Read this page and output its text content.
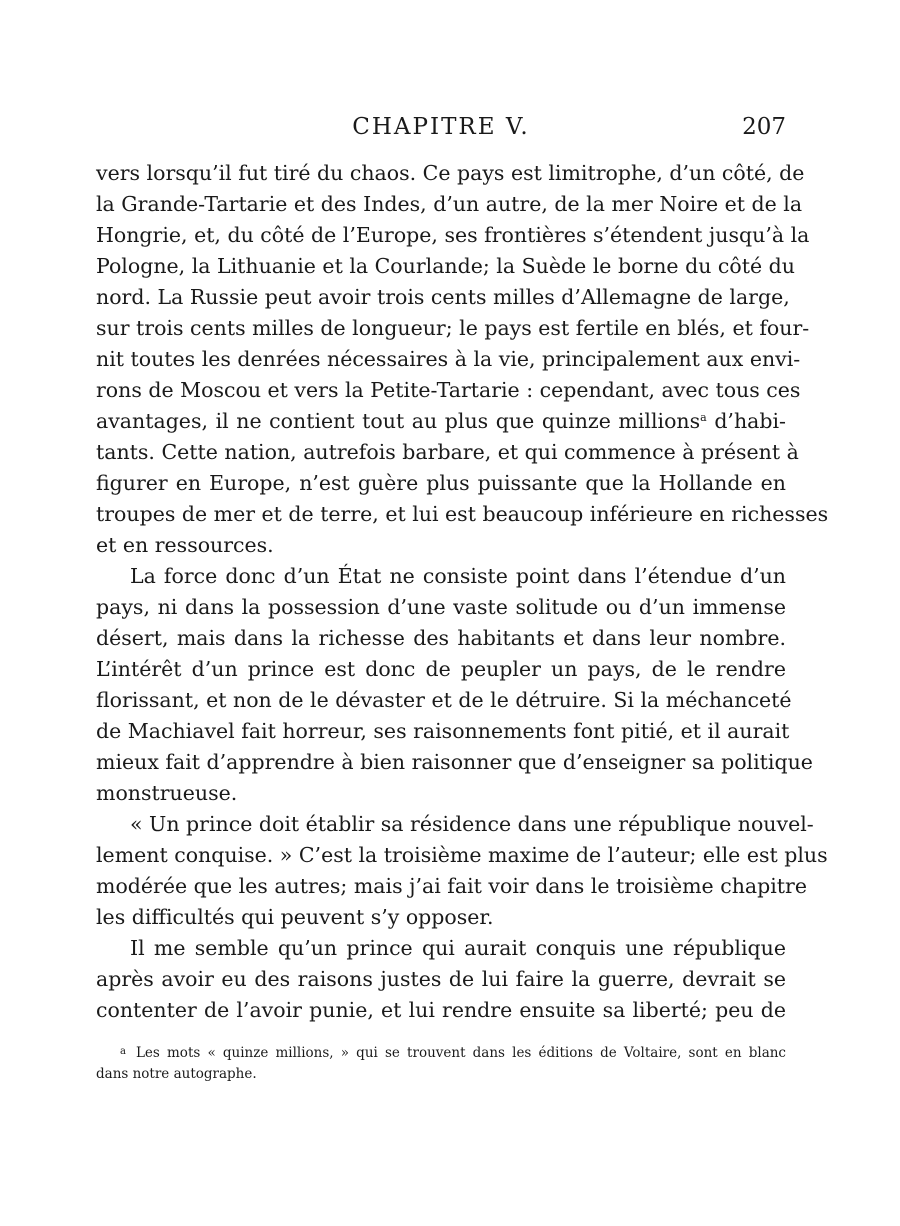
CHAPITRE V.	207
vers lorsqu’il fut tiré du chaos. Ce pays est limitrophe, d’un côté, de
la Grande-Tartarie et des Indes, d’un autre, de la mer Noire et de la
Hongrie, et, du côté de l’Europe, ses frontières s’étendent jusqu’à la
Pologne, la Lithuanie et la Courlande; la Suède le borne du côté du
nord. La Russie peut avoir trois cents milles d’Allemagne de large,
sur trois cents milles de longueur; le pays est fertile en blés, et four-
nit toutes les denrées nécessaires à la vie, principalement aux envi-
rons de Moscou et vers la Petite-Tartarie : cependant, avec tous ces
avantages, il ne contient tout au plus que quinze millions$^a$ d’habi-
tants. Cette nation, autrefois barbare, et qui commence à présent à
figurer en Europe, n’est guère plus puissante que la Hollande en
troupes de mer et de terre, et lui est beaucoup inférieure en richesses
et en ressources.
La force donc d’un État ne consiste point dans l’étendue d’un
pays, ni dans la possession d’une vaste solitude ou d’un immense
désert, mais dans la richesse des habitants et dans leur nombre.
L’intérêt d’un prince est donc de peupler un pays, de le rendre
florissant, et non de le dévaster et de le détruire. Si la méchanceté
de Machiavel fait horreur, ses raisonnements font pitié, et il aurait
mieux fait d’apprendre à bien raisonner que d’enseigner sa politique
monstrueuse.
« Un prince doit établir sa résidence dans une république nouvel-
lement conquise. » C’est la troisième maxime de l’auteur; elle est plus
modérée que les autres; mais j’ai fait voir dans le troisième chapitre
les difficultés qui peuvent s’y opposer.
Il me semble qu’un prince qui aurait conquis une république
après avoir eu des raisons justes de lui faire la guerre, devrait se
contenter de l’avoir punie, et lui rendre ensuite sa liberté; peu de
$^a$ Les mots « quinze millions, » qui se trouvent dans les éditions de Voltaire, sont en blanc
dans notre autographe.
